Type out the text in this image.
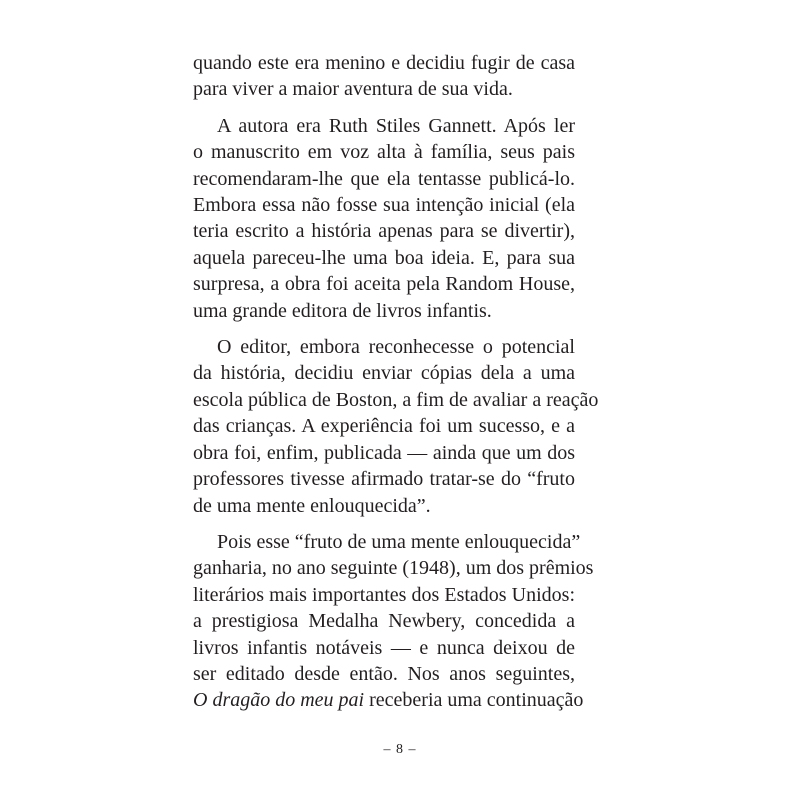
quando este era menino e decidiu fugir de casa
para viver a maior aventura de sua vida.
A autora era Ruth Stiles Gannett. Após ler
o manuscrito em voz alta à família, seus pais
recomendaram-lhe que ela tentasse publicá-lo.
Embora essa não fosse sua intenção inicial (ela
teria escrito a história apenas para se divertir),
aquela pareceu-lhe uma boa ideia. E, para sua
surpresa, a obra foi aceita pela Random House,
uma grande editora de livros infantis.
O editor, embora reconhecesse o potencial
da história, decidiu enviar cópias dela a uma
escola pública de Boston, a fim de avaliar a reação
das crianças. A experiência foi um sucesso, e a
obra foi, enfim, publicada — ainda que um dos
professores tivesse afirmado tratar-se do “fruto
de uma mente enlouquecida”.
Pois esse “fruto de uma mente enlouquecida”
ganharia, no ano seguinte (1948), um dos prêmios
literários mais importantes dos Estados Unidos:
a prestigiosa Medalha Newbery, concedida a
livros infantis notáveis — e nunca deixou de
ser editado desde então. Nos anos seguintes,
O dragão do meu pai receberia uma continuação
– 8 –
